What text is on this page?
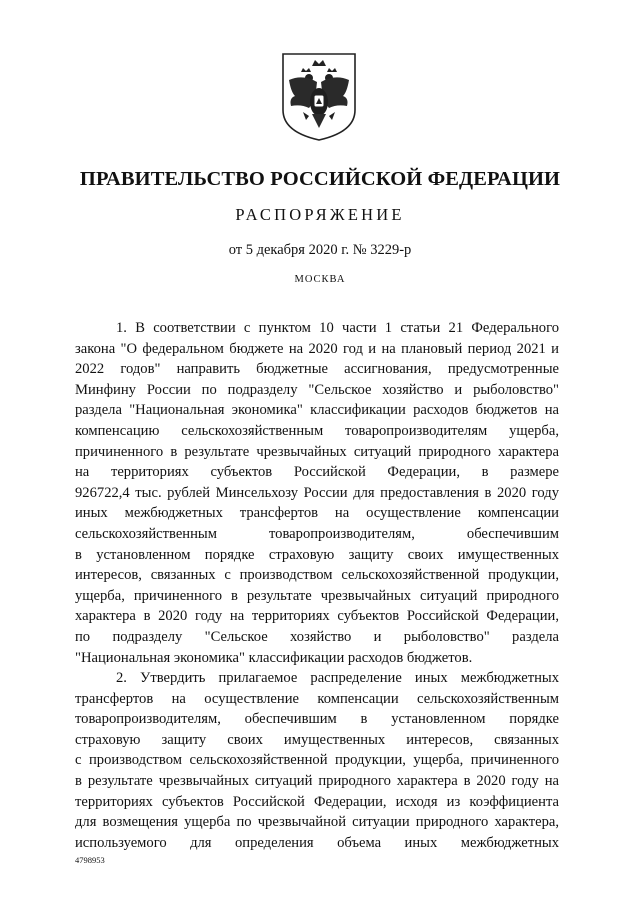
ПРАВИТЕЛЬСТВО РОССИЙСКОЙ ФЕДЕРАЦИИ
РАСПОРЯЖЕНИЕ
от 5 декабря 2020 г. № 3229-р
МОСКВА
1. В соответствии с пунктом 10 части 1 статьи 21 Федерального
закона "О федеральном бюджете на 2020 год и на плановый период 2021 и
2022 годов" направить бюджетные ассигнования, предусмотренные
Минфину России по подразделу "Сельское хозяйство и рыболовство"
раздела "Национальная экономика" классификации расходов бюджетов на
компенсацию сельскохозяйственным товаропроизводителям ущерба,
причиненного в результате чрезвычайных ситуаций природного характера
на территориях субъектов Российской Федерации, в размере
926722,4 тыс. рублей Минсельхозу России для предоставления в 2020 году
иных межбюджетных трансфертов на осуществление компенсации
сельскохозяйственным товаропроизводителям, обеспечившим
в установленном порядке страховую защиту своих имущественных
интересов, связанных с производством сельскохозяйственной продукции,
ущерба, причиненного в результате чрезвычайных ситуаций природного
характера в 2020 году на территориях субъектов Российской Федерации,
по подразделу "Сельское хозяйство и рыболовство" раздела
"Национальная экономика" классификации расходов бюджетов.
2. Утвердить прилагаемое распределение иных межбюджетных
трансфертов на осуществление компенсации сельскохозяйственным
товаропроизводителям, обеспечившим в установленном порядке
страховую защиту своих имущественных интересов, связанных
с производством сельскохозяйственной продукции, ущерба, причиненного
в результате чрезвычайных ситуаций природного характера в 2020 году на
территориях субъектов Российской Федерации, исходя из коэффициента
для возмещения ущерба по чрезвычайной ситуации природного характера,
используемого для определения объема иных межбюджетных
4798953
